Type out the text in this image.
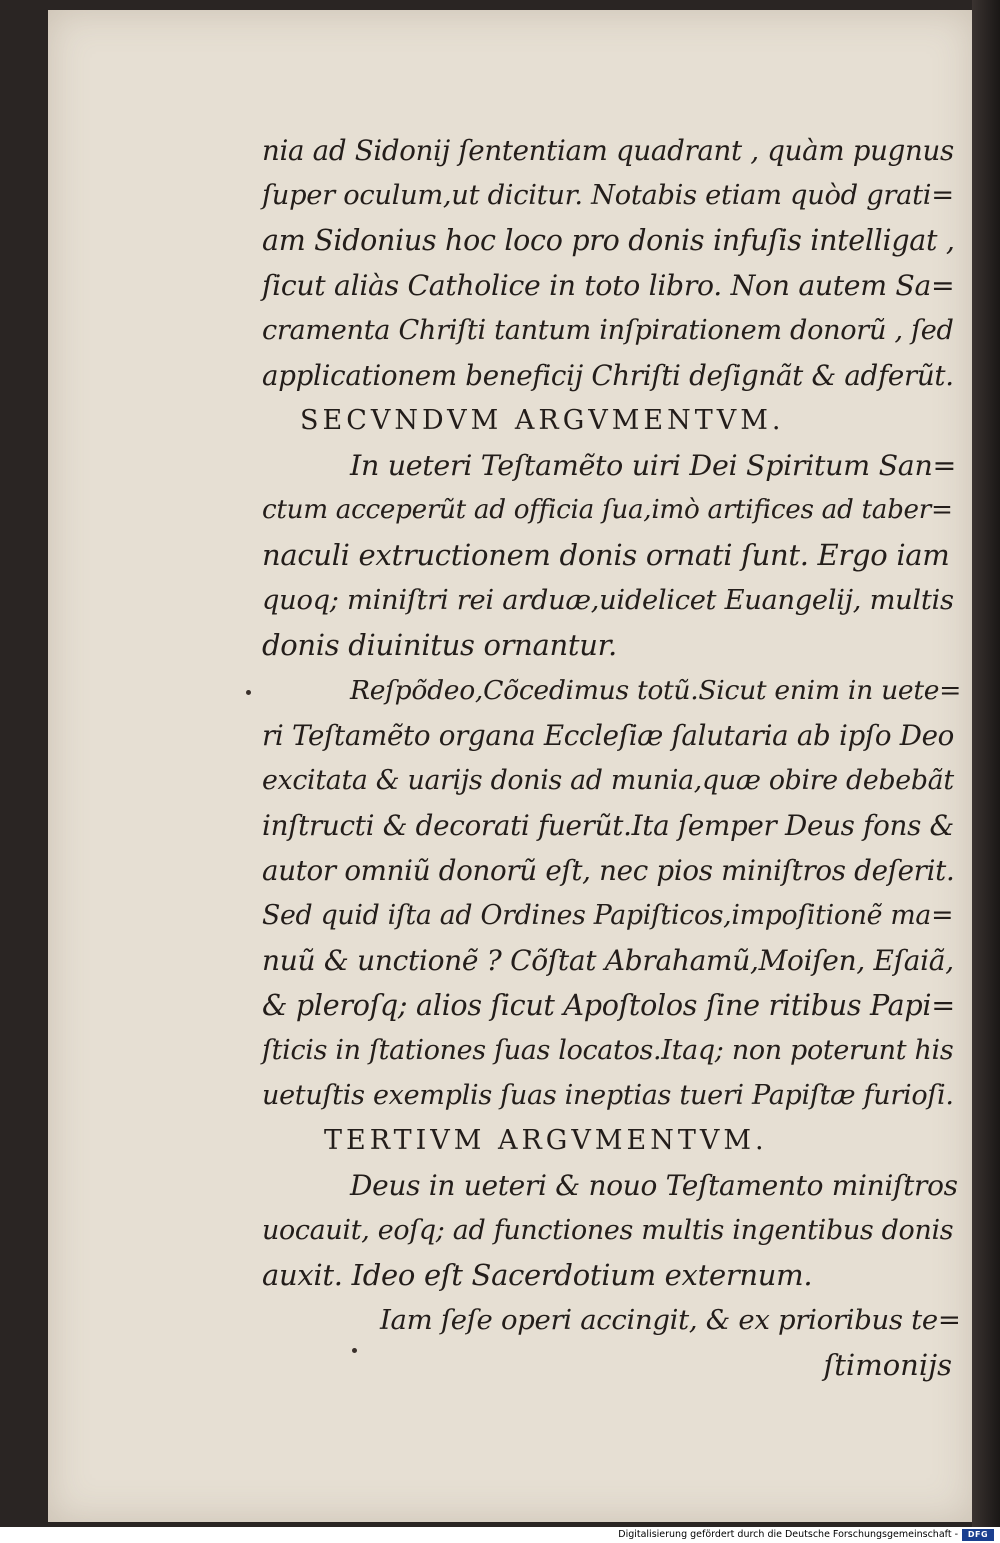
nia ad Sidonij ſententiam quadrant , quàm pugnus
ſuper oculum,ut dicitur. Notabis etiam quòd grati=
am Sidonius hoc loco pro donis infuſis intelligat ,
ſicut aliàs Catholice in toto libro. Non autem Sa=
cramenta Chriſti tantum inſpirationem donorũ , ſed
applicationem beneficij Chriſti deſignãt & adferũt.
SECVNDVM ARGVMENTVM.
In ueteri Teſtamẽto uiri Dei Spiritum San=
ctum acceperũt ad officia ſua,imò artifices ad taber=
naculi extructionem donis ornati ſunt. Ergo iam
quoq; miniſtri rei arduæ,uidelicet Euangelij, multis
donis diuinitus ornantur.
Reſpõdeo,Cõcedimus totũ.Sicut enim in uete=
ri Teſtamẽto organa Eccleſiæ ſalutaria ab ipſo Deo
excitata & uarijs donis ad munia,quæ obire debebãt
inſtructi & decorati fuerũt.Ita ſemper Deus fons &
autor omniũ donorũ eſt, nec pios miniſtros deſerit.
Sed quid iſta ad Ordines Papiſticos,impoſitionẽ ma=
nuũ & unctionẽ ? Cõſtat Abrahamũ,Moiſen, Eſaiã,
& pleroſq; alios ſicut Apoſtolos ſine ritibus Papi=
ſticis in ſtationes ſuas locatos.Itaq; non poterunt his
uetuſtis exemplis ſuas ineptias tueri Papiſtæ furioſi.
TERTIVM ARGVMENTVM.
Deus in ueteri & nouo Teſtamento miniſtros
uocauit, eoſq; ad functiones multis ingentibus donis
auxit. Ideo eſt Sacerdotium externum.
Iam ſeſe operi accingit, & ex prioribus te=
ſtimonijs
Digitalisierung gefördert durch die Deutsche Forschungsgemeinschaft -	DFG
